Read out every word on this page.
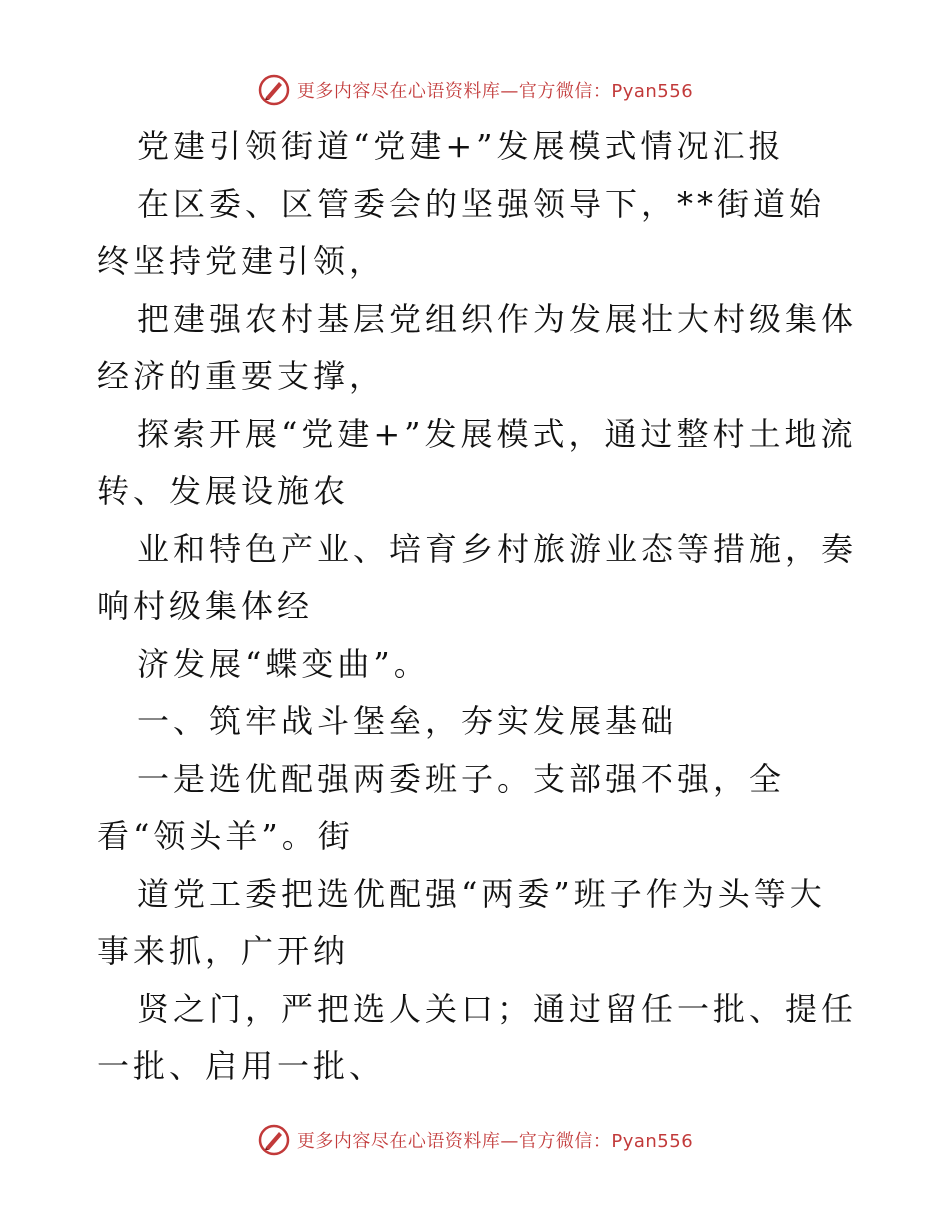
更多内容尽在心语资料库—官方微信：Pyan556

党建引领街道“党建+”发展模式情况汇报

在区委、区管委会的坚强领导下，**街道始终坚持党建引领，

把建强农村基层党组织作为发展壮大村级集体经济的重要支撑，

探索开展“党建+”发展模式，通过整村土地流转、发展设施农

业和特色产业、培育乡村旅游业态等措施，奏响村级集体经

济发展“蝶变曲”。

一、筑牢战斗堡垒，夯实发展基础

一是选优配强两委班子。支部强不强，全看“领头羊”。街

道党工委把选优配强“两委”班子作为头等大事来抓，广开纳

贤之门，严把选人关口；通过留任一批、提任一批、启用一批、

更多内容尽在心语资料库—官方微信：Pyan556
